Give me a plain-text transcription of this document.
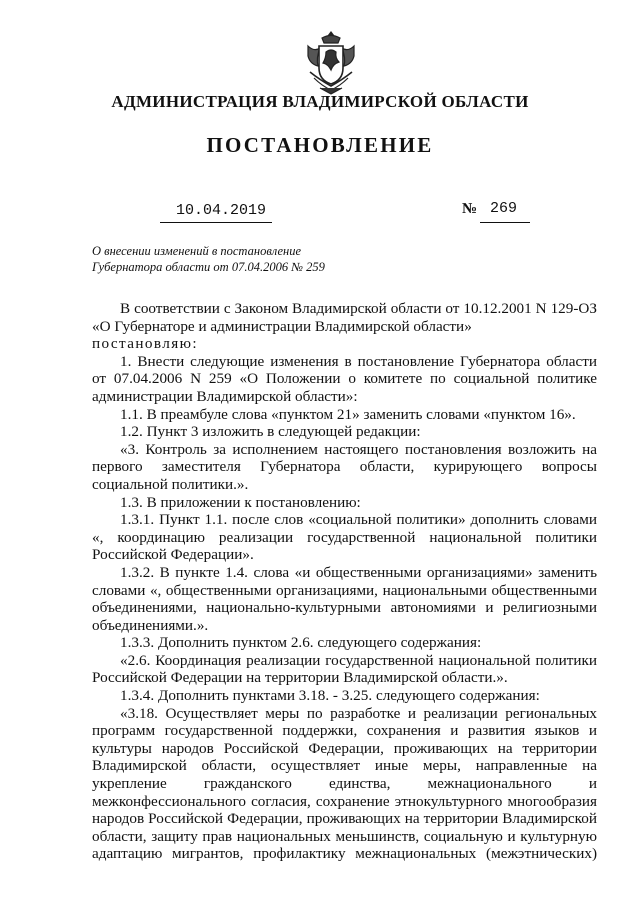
АДМИНИСТРАЦИЯ ВЛАДИМИРСКОЙ ОБЛАСТИ
ПОСТАНОВЛЕНИЕ
10.04.2019	№ 269
О внесении изменений в постановление
Губернатора области от 07.04.2006 № 259

В соответствии с Законом Владимирской области от 10.12.2001 N 129-ОЗ «О Губернаторе и администрации Владимирской области»

постановляю:

1. Внести следующие изменения в постановление Губернатора области от 07.04.2006 N 259 «О Положении о комитете по социальной политике администрации Владимирской области»:

1.1. В преамбуле слова «пунктом 21» заменить словами «пунктом 16».

1.2. Пункт 3 изложить в следующей редакции:

«3. Контроль за исполнением настоящего постановления возложить на первого заместителя Губернатора области, курирующего вопросы социальной политики.».

1.3. В приложении к постановлению:

1.3.1. Пункт 1.1. после слов «социальной политики» дополнить словами «, координацию реализации государственной национальной политики Российской Федерации».

1.3.2. В пункте 1.4. слова «и общественными организациями» заменить словами «, общественными организациями, национальными общественными объединениями, национально-культурными автономиями и религиозными объединениями.».

1.3.3. Дополнить пунктом 2.6. следующего содержания:

«2.6. Координация реализации государственной национальной политики Российской Федерации на территории Владимирской области.».

1.3.4. Дополнить пунктами 3.18. - 3.25. следующего содержания:

«3.18. Осуществляет меры по разработке и реализации региональных программ государственной поддержки, сохранения и развития языков и культуры народов Российской Федерации, проживающих на территории Владимирской области, осуществляет иные меры, направленные на укрепление гражданского единства, межнационального и межконфессионального согласия, сохранение этнокультурного многообразия народов Российской Федерации, проживающих на территории Владимирской области, защиту прав национальных меньшинств, социальную и культурную адаптацию мигрантов, профилактику межнациональных (межэтнических)
